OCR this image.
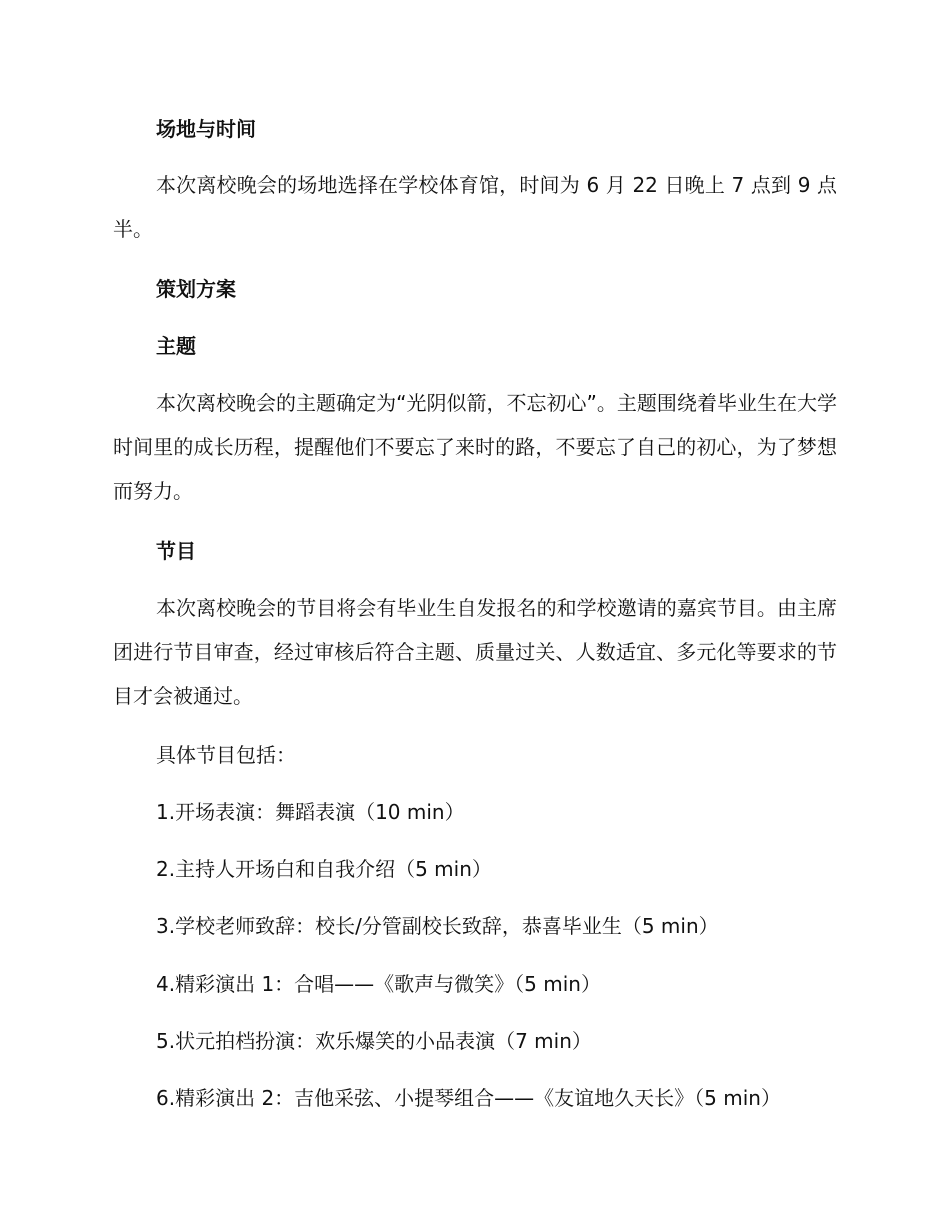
场地与时间
本次离校晚会的场地选择在学校体育馆，时间为 6 月 22 日晚上 7 点到 9 点半。
策划方案
主题
本次离校晚会的主题确定为“光阴似箭，不忘初心”。主题围绕着毕业生在大学时间里的成长历程，提醒他们不要忘了来时的路，不要忘了自己的初心，为了梦想而努力。
节目
本次离校晚会的节目将会有毕业生自发报名的和学校邀请的嘉宾节目。由主席团进行节目审查，经过审核后符合主题、质量过关、人数适宜、多元化等要求的节目才会被通过。
具体节目包括：
1.开场表演：舞蹈表演（10 min）
2.主持人开场白和自我介绍（5 min）
3.学校老师致辞：校长/分管副校长致辞，恭喜毕业生（5 min）
4.精彩演出 1：合唱——《歌声与微笑》（5 min）
5.状元拍档扮演：欢乐爆笑的小品表演（7 min）
6.精彩演出 2：吉他采弦、小提琴组合——《友谊地久天长》（5 min）
